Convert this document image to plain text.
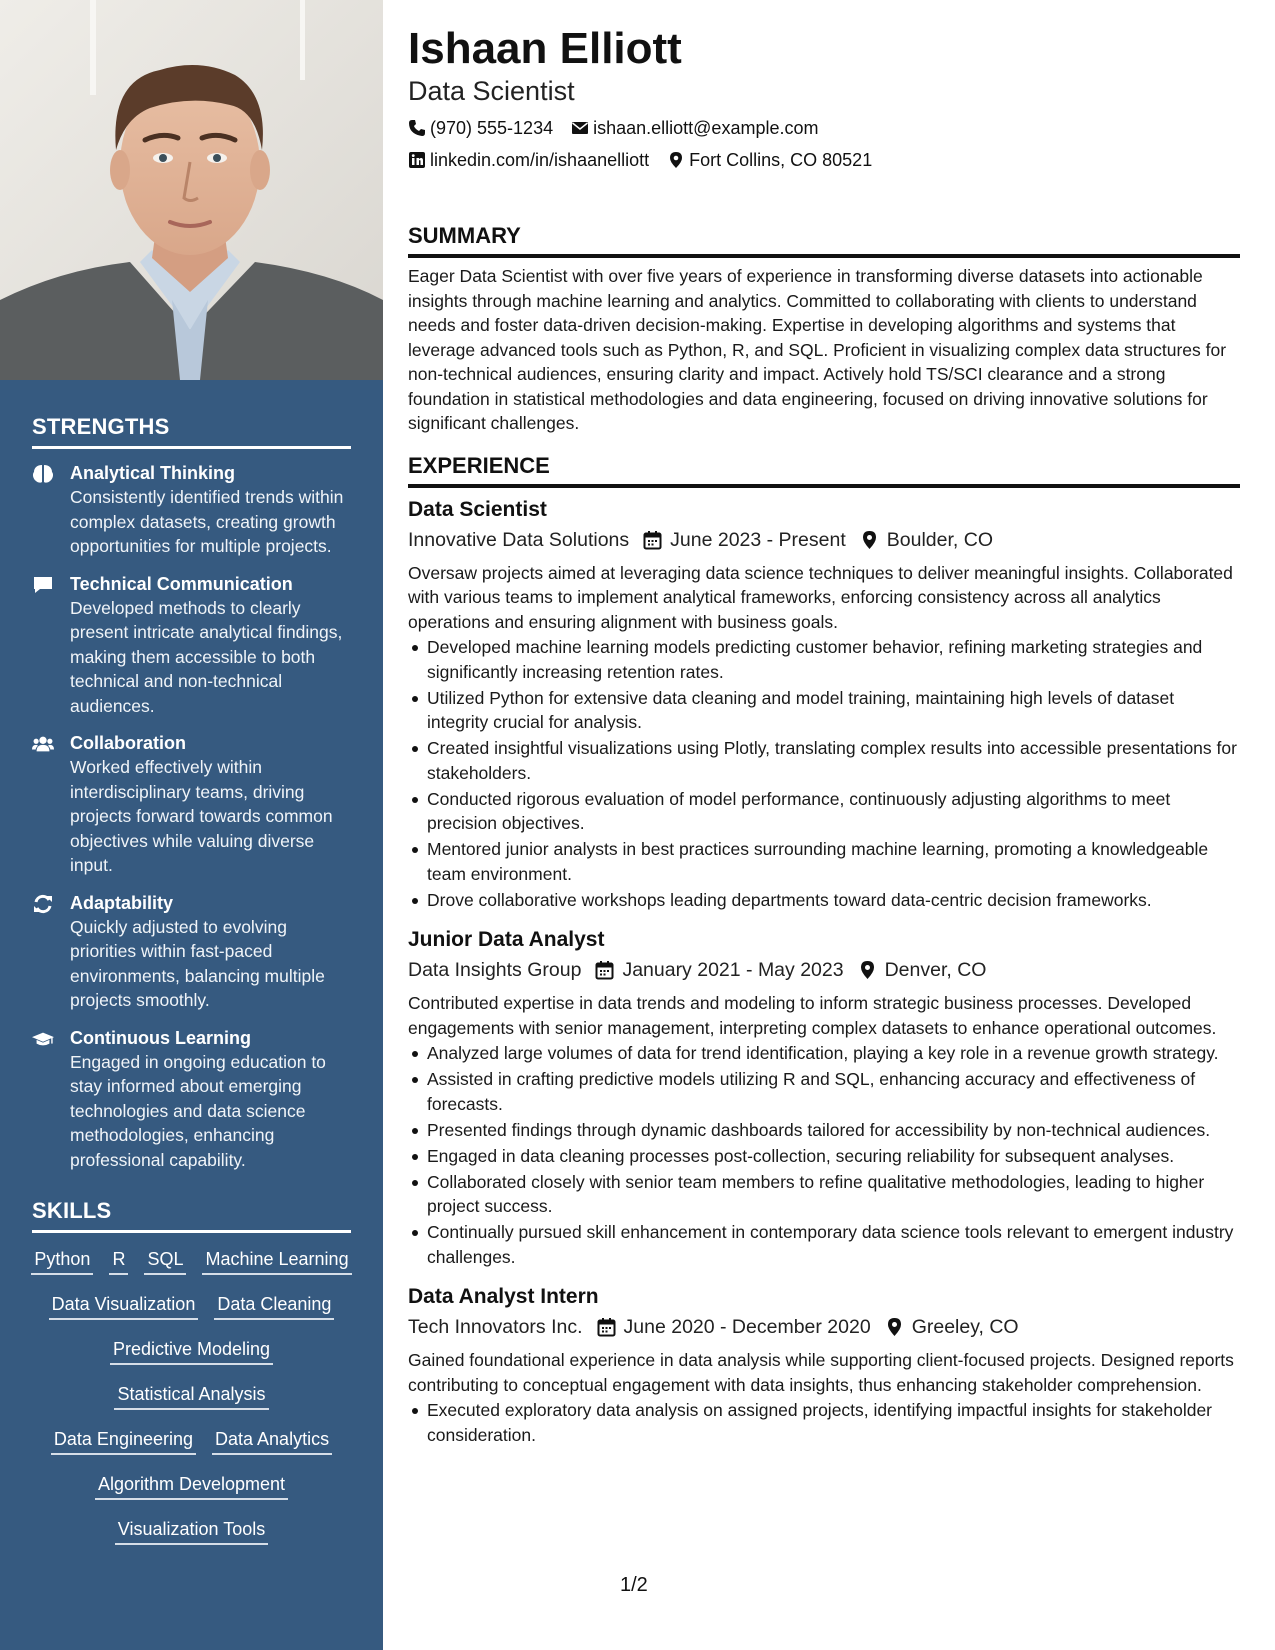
STRENGTHS
Analytical Thinking
Consistently identified trends within complex datasets, creating growth opportunities for multiple projects.
Technical Communication
Developed methods to clearly present intricate analytical findings, making them accessible to both technical and non-technical audiences.
Collaboration
Worked effectively within interdisciplinary teams, driving projects forward towards common objectives while valuing diverse input.
Adaptability
Quickly adjusted to evolving priorities within fast-paced environments, balancing multiple projects smoothly.
Continuous Learning
Engaged in ongoing education to stay informed about emerging technologies and data science methodologies, enhancing professional capability.
SKILLS
Python R SQL Machine Learning
Data Visualization Data Cleaning
Predictive Modeling
Statistical Analysis
Data Engineering Data Analytics
Algorithm Development
Visualization Tools
Ishaan Elliott
Data Scientist
(970) 555-1234 ishaan.elliott@example.com
linkedin.com/in/ishaanelliott Fort Collins, CO 80521
SUMMARY

Eager Data Scientist with over five years of experience in transforming diverse datasets into actionable insights through machine learning and analytics. Committed to collaborating with clients to understand needs and foster data-driven decision-making. Expertise in developing algorithms and systems that leverage advanced tools such as Python, R, and SQL. Proficient in visualizing complex data structures for non-technical audiences, ensuring clarity and impact. Actively hold TS/SCI clearance and a strong foundation in statistical methodologies and data engineering, focused on driving innovative solutions for significant challenges.

EXPERIENCE
Data Scientist
Innovative Data Solutions June 2023 - Present Boulder, CO

Oversaw projects aimed at leveraging data science techniques to deliver meaningful insights. Collaborated with various teams to implement analytical frameworks, enforcing consistency across all analytics operations and ensuring alignment with business goals.

Developed machine learning models predicting customer behavior, refining marketing strategies and significantly increasing retention rates.
Utilized Python for extensive data cleaning and model training, maintaining high levels of dataset integrity crucial for analysis.
Created insightful visualizations using Plotly, translating complex results into accessible presentations for stakeholders.
Conducted rigorous evaluation of model performance, continuously adjusting algorithms to meet precision objectives.
Mentored junior analysts in best practices surrounding machine learning, promoting a knowledgeable team environment.
Drove collaborative workshops leading departments toward data-centric decision frameworks.
Junior Data Analyst
Data Insights Group January 2021 - May 2023 Denver, CO

Contributed expertise in data trends and modeling to inform strategic business processes. Developed engagements with senior management, interpreting complex datasets to enhance operational outcomes.

Analyzed large volumes of data for trend identification, playing a key role in a revenue growth strategy.
Assisted in crafting predictive models utilizing R and SQL, enhancing accuracy and effectiveness of forecasts.
Presented findings through dynamic dashboards tailored for accessibility by non-technical audiences.
Engaged in data cleaning processes post-collection, securing reliability for subsequent analyses.
Collaborated closely with senior team members to refine qualitative methodologies, leading to higher project success.
Continually pursued skill enhancement in contemporary data science tools relevant to emergent industry challenges.
Data Analyst Intern
Tech Innovators Inc. June 2020 - December 2020 Greeley, CO

Gained foundational experience in data analysis while supporting client-focused projects. Designed reports contributing to conceptual engagement with data insights, thus enhancing stakeholder comprehension.

Executed exploratory data analysis on assigned projects, identifying impactful insights for stakeholder consideration.
1/2
